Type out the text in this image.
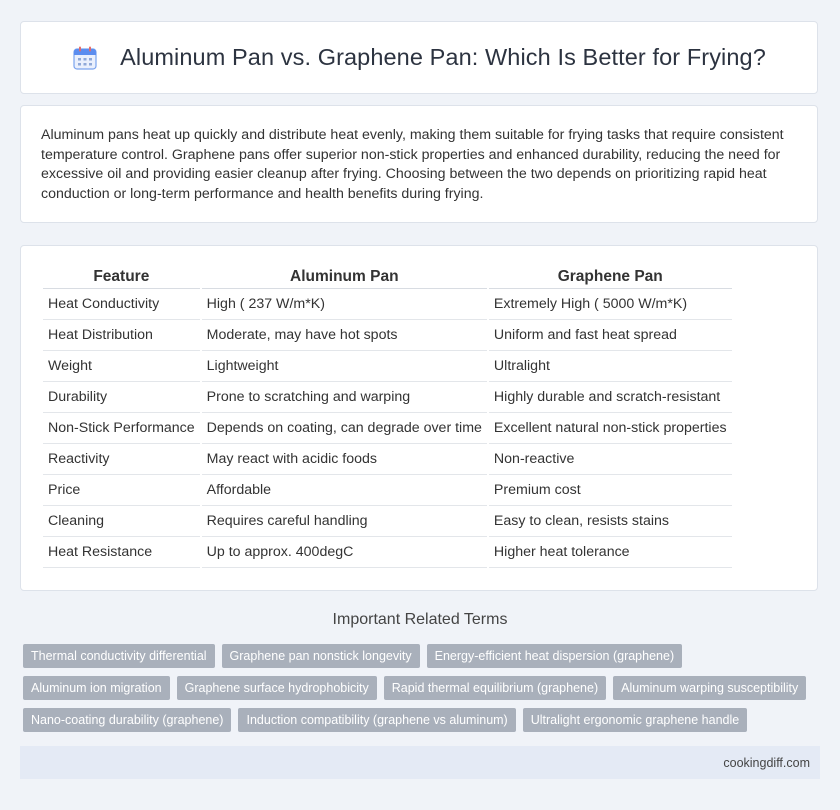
Aluminum Pan vs. Graphene Pan: Which Is Better for Frying?

Aluminum pans heat up quickly and distribute heat evenly, making them suitable for frying tasks that require consistent temperature control. Graphene pans offer superior non-stick properties and enhanced durability, reducing the need for excessive oil and providing easier cleanup after frying. Choosing between the two depends on prioritizing rapid heat conduction or long-term performance and health benefits during frying.

Feature	Aluminum Pan	Graphene Pan
Heat Conductivity	High ( 237 W/m*K)	Extremely High ( 5000 W/m*K)
Heat Distribution	Moderate, may have hot spots	Uniform and fast heat spread
Weight	Lightweight	Ultralight
Durability	Prone to scratching and warping	Highly durable and scratch-resistant
Non-Stick Performance	Depends on coating, can degrade over time	Excellent natural non-stick properties
Reactivity	May react with acidic foods	Non-reactive
Price	Affordable	Premium cost
Cleaning	Requires careful handling	Easy to clean, resists stains
Heat Resistance	Up to approx. 400degC	Higher heat tolerance
Important Related Terms
Thermal conductivity differential	Graphene pan nonstick longevity	Energy-efficient heat dispersion (graphene)
Aluminum ion migration	Graphene surface hydrophobicity	Rapid thermal equilibrium (graphene)	Aluminum warping susceptibility
Nano-coating durability (graphene)	Induction compatibility (graphene vs aluminum)	Ultralight ergonomic graphene handle
cookingdiff.com
